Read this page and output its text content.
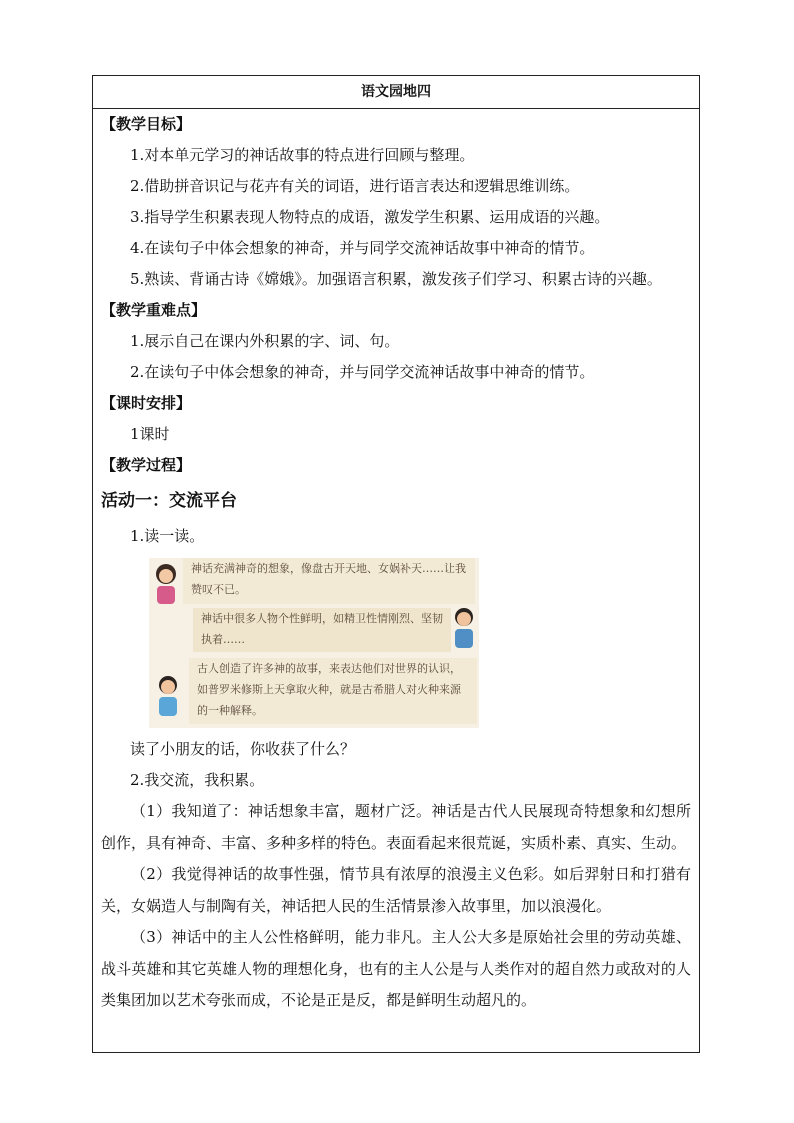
语文园地四
【教学目标】
1.对本单元学习的神话故事的特点进行回顾与整理。
2.借助拼音识记与花卉有关的词语，进行语言表达和逻辑思维训练。
3.指导学生积累表现人物特点的成语，激发学生积累、运用成语的兴趣。
4.在读句子中体会想象的神奇，并与同学交流神话故事中神奇的情节。
5.熟读、背诵古诗《嫦娥》。加强语言积累，激发孩子们学习、积累古诗的兴趣。
【教学重难点】
1.展示自己在课内外积累的字、词、句。
2.在读句子中体会想象的神奇，并与同学交流神话故事中神奇的情节。
【课时安排】
1课时
【教学过程】
活动一：交流平台
1.读一读。
神话充满神奇的想象，像盘古开天地、女娲补天……让我赞叹不已。
神话中很多人物个性鲜明，如精卫性情刚烈、坚韧执着……
古人创造了许多神的故事，来表达他们对世界的认识，如普罗米修斯上天拿取火种，就是古希腊人对火种来源的一种解释。
读了小朋友的话，你收获了什么？
2.我交流，我积累。
（1）我知道了：神话想象丰富，题材广泛。神话是古代人民展现奇特想象和幻想所创作，具有神奇、丰富、多种多样的特色。表面看起来很荒诞，实质朴素、真实、生动。
（2）我觉得神话的故事性强，情节具有浓厚的浪漫主义色彩。如后羿射日和打猎有关，女娲造人与制陶有关，神话把人民的生活情景渗入故事里，加以浪漫化。
（3）神话中的主人公性格鲜明，能力非凡。主人公大多是原始社会里的劳动英雄、战斗英雄和其它英雄人物的理想化身，也有的主人公是与人类作对的超自然力或敌对的人类集团加以艺术夸张而成，不论是正是反，都是鲜明生动超凡的。
